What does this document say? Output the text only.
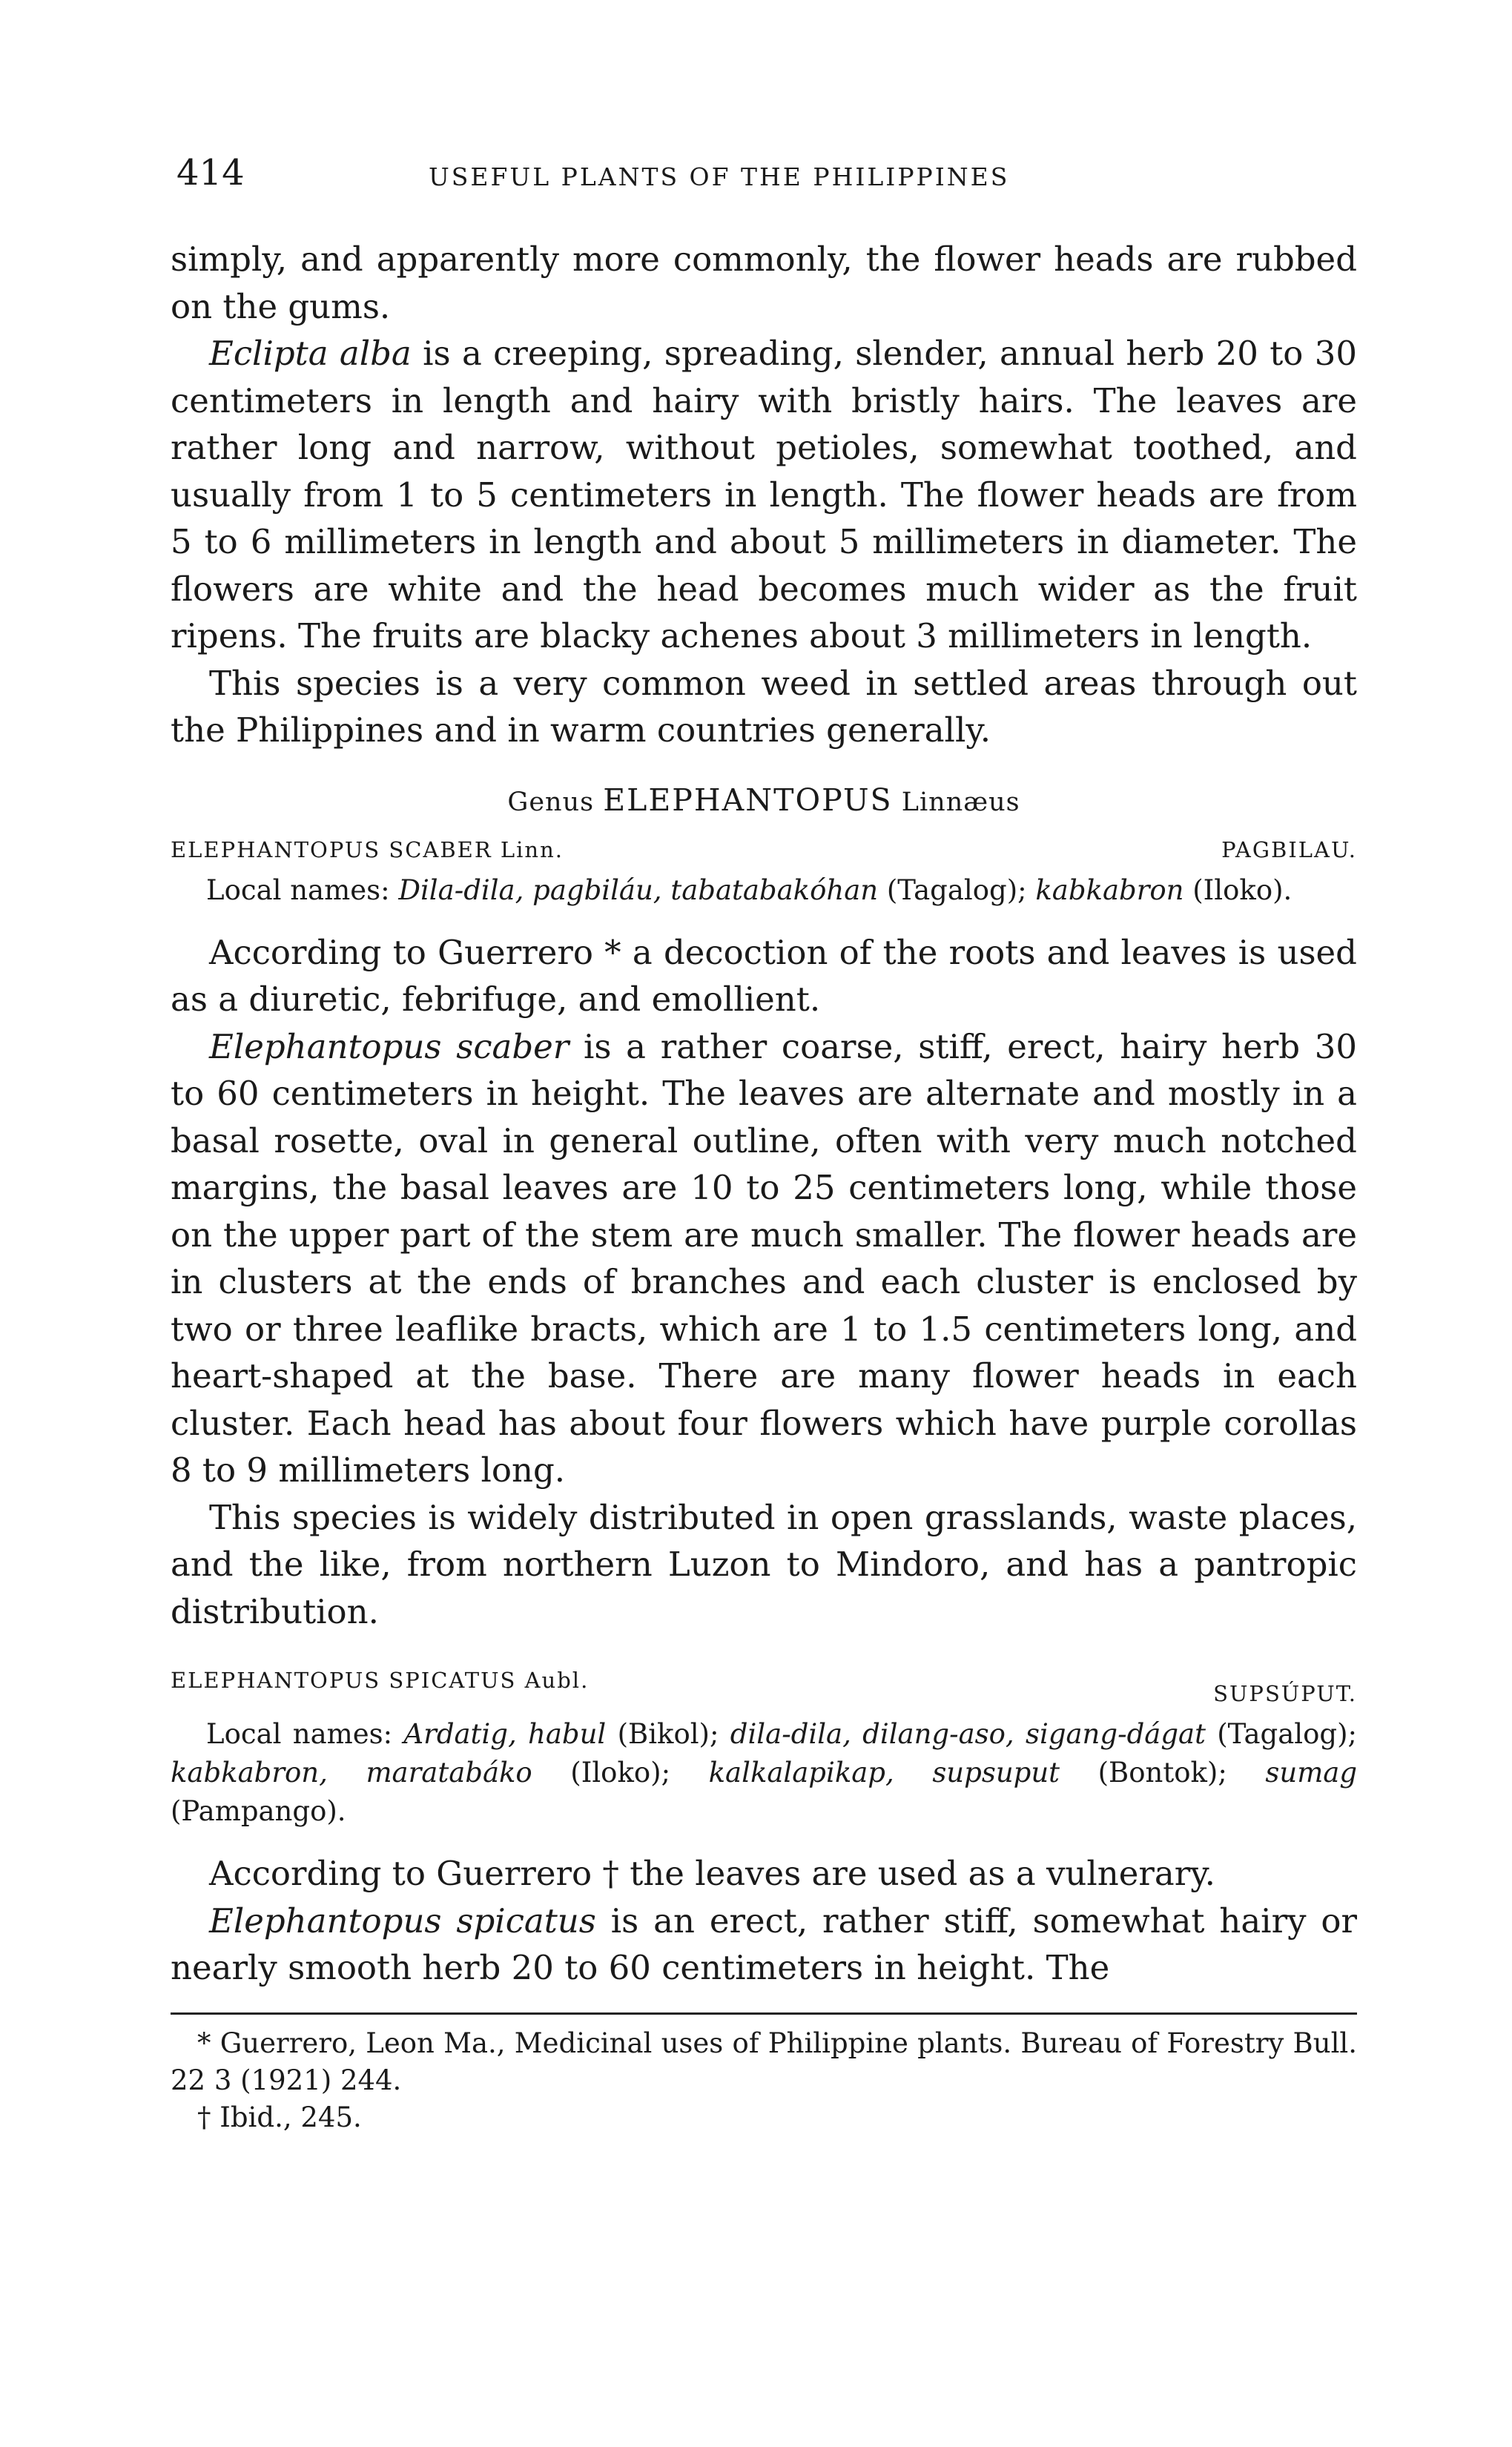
414	USEFUL PLANTS OF THE PHILIPPINES

simply, and apparently more commonly, the flower heads are rubbed on the gums.

Eclipta alba is a creeping, spreading, slender, annual herb 20 to 30 centimeters in length and hairy with bristly hairs. The leaves are rather long and narrow, without petioles, somewhat toothed, and usually from 1 to 5 centimeters in length. The flower heads are from 5 to 6 millimeters in length and about 5 millimeters in diameter. The flowers are white and the head becomes much wider as the fruit ripens. The fruits are blacky achenes about 3 millimeters in length.

This species is a very common weed in settled areas through out the Philippines and in warm countries generally.

Genus ELEPHANTOPUS Linnæus
ELEPHANTOPUS SCABER Linn.	PAGBILAU.

Local names: Dila-dila, pagbiláu, tabatabakóhan (Tagalog); kabkabron (Iloko).

According to Guerrero * a decoction of the roots and leaves is used as a diuretic, febrifuge, and emollient.

Elephantopus scaber is a rather coarse, stiff, erect, hairy herb 30 to 60 centimeters in height. The leaves are alternate and mostly in a basal rosette, oval in general outline, often with very much notched margins, the basal leaves are 10 to 25 centimeters long, while those on the upper part of the stem are much smaller. The flower heads are in clusters at the ends of branches and each cluster is enclosed by two or three leaflike bracts, which are 1 to 1.5 centimeters long, and heart-shaped at the base. There are many flower heads in each cluster. Each head has about four flowers which have purple corollas 8 to 9 millimeters long.

This species is widely distributed in open grasslands, waste places, and the like, from northern Luzon to Mindoro, and has a pantropic distribution.

ELEPHANTOPUS SPICATUS Aubl.
SUPSÚPUT.

Local names: Ardatig, habul (Bikol); dila-dila, dilang-aso, sigang-dágat (Tagalog); kabkabron, maratabáko (Iloko); kalkalapikap, supsuput (Bontok); sumag (Pampango).

According to Guerrero † the leaves are used as a vulnerary.

Elephantopus spicatus is an erect, rather stiff, somewhat hairy or nearly smooth herb 20 to 60 centimeters in height. The

* Guerrero, Leon Ma., Medicinal uses of Philippine plants. Bureau of Forestry Bull. 22 3 (1921) 244.

† Ibid., 245.
